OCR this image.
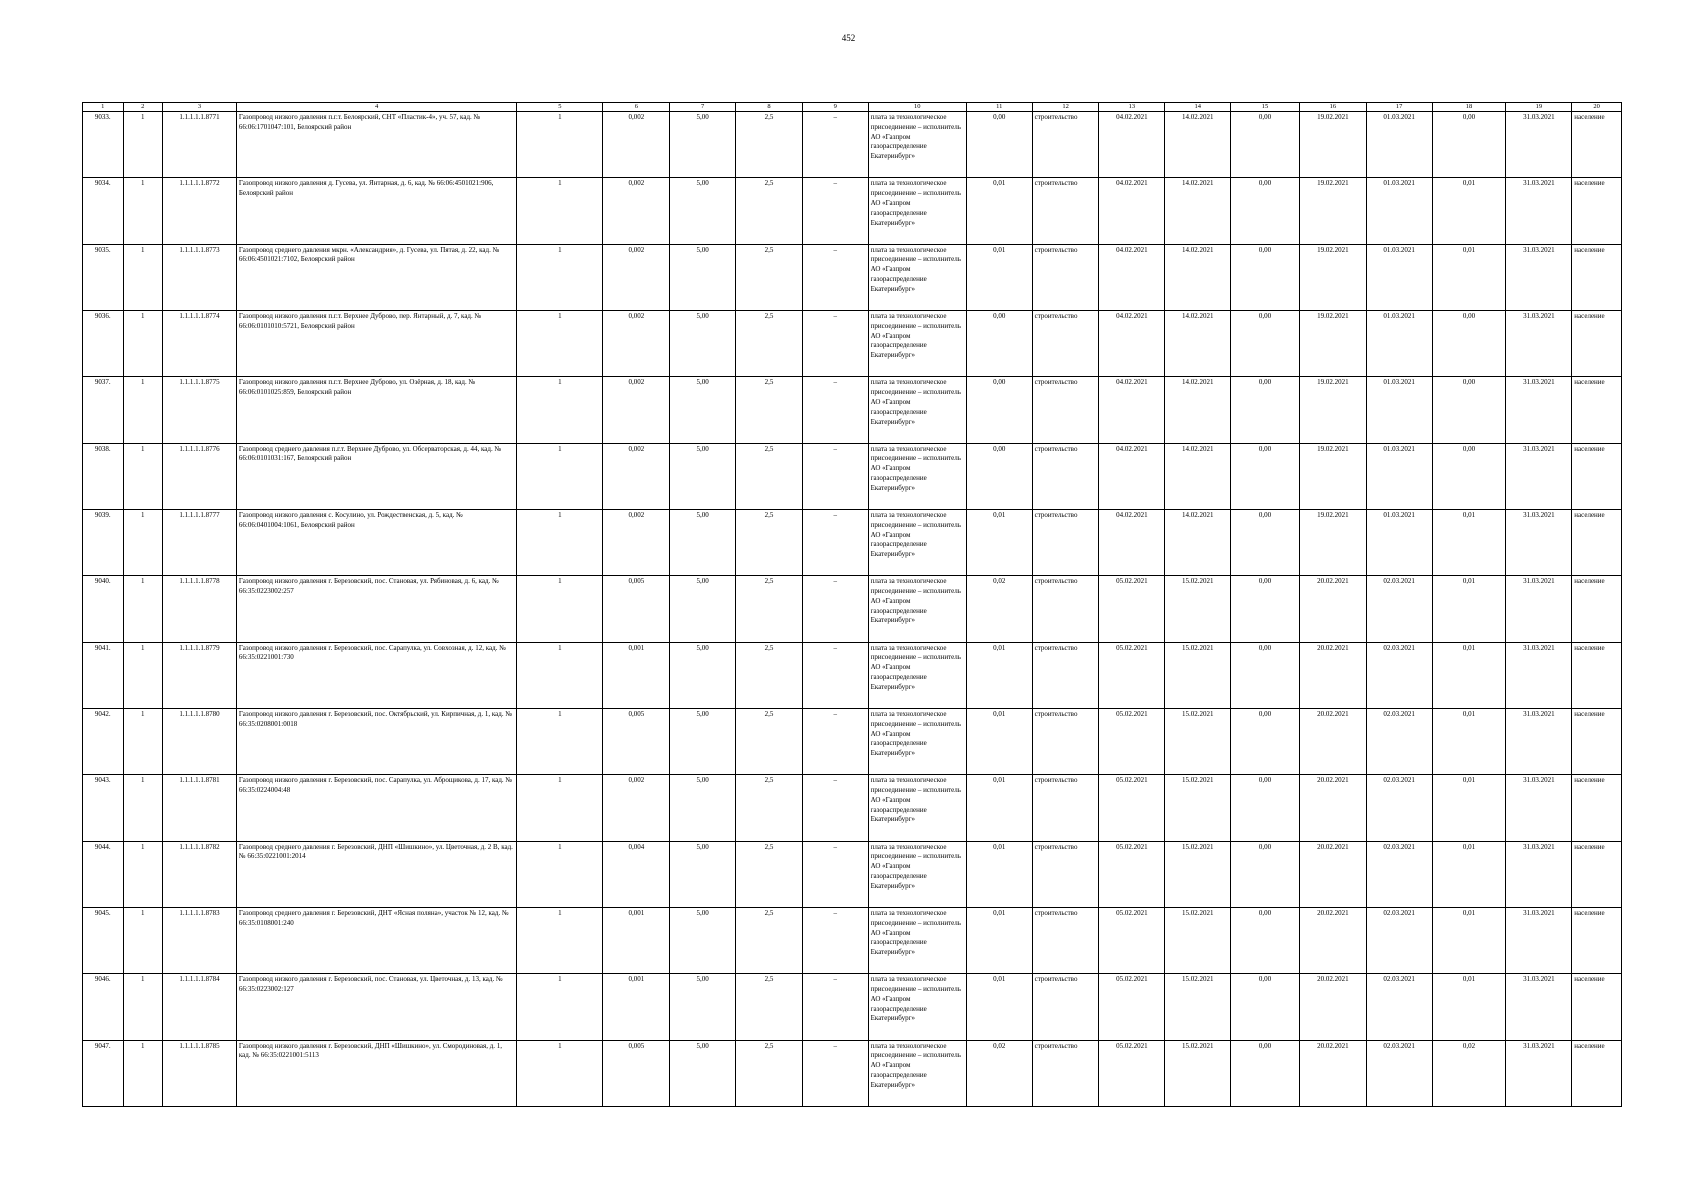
452
1	2	3	4	5	6	7	8	9	10	11	12	13	14	15	16	17	18	19	20
9033.	1	1.1.1.1.1.8771	Газопровод низкого давления п.г.т. Белоярский, СНТ «Пластик-4», уч. 57, кад. № 66:06:1701047:101, Белоярский район	1	0,002	5,00	2,5	–	плата за технологическое присоединение – исполнитель АО «Газпром газораспределение Екатеринбург»	0,00	строительство	04.02.2021	14.02.2021	0,00	19.02.2021	01.03.2021	0,00	31.03.2021	население
9034.	1	1.1.1.1.1.8772	Газопровод низкого давления д. Гусева, ул. Янтарная, д. 6, кад. № 66:06:4501021:906, Белоярский район	1	0,002	5,00	2,5	–	плата за технологическое присоединение – исполнитель АО «Газпром газораспределение Екатеринбург»	0,01	строительство	04.02.2021	14.02.2021	0,00	19.02.2021	01.03.2021	0,01	31.03.2021	население
9035.	1	1.1.1.1.1.8773	Газопровод среднего давления мкрн. «Александрия», д. Гусева, ул. Пятая, д. 22, кад. № 66:06:4501021:7102, Белоярский район	1	0,002	5,00	2,5	–	плата за технологическое присоединение – исполнитель АО «Газпром газораспределение Екатеринбург»	0,01	строительство	04.02.2021	14.02.2021	0,00	19.02.2021	01.03.2021	0,01	31.03.2021	население
9036.	1	1.1.1.1.1.8774	Газопровод низкого давления п.г.т. Верхнее Дуброво, пер. Янтарный, д. 7, кад. № 66:06:0101010:5721, Белоярский район	1	0,002	5,00	2,5	–	плата за технологическое присоединение – исполнитель АО «Газпром газораспределение Екатеринбург»	0,00	строительство	04.02.2021	14.02.2021	0,00	19.02.2021	01.03.2021	0,00	31.03.2021	население
9037.	1	1.1.1.1.1.8775	Газопровод низкого давления п.г.т. Верхнее Дуброво, ул. Озёрная, д. 18, кад. № 66:06:0101025:859, Белоярский район	1	0,002	5,00	2,5	–	плата за технологическое присоединение – исполнитель АО «Газпром газораспределение Екатеринбург»	0,00	строительство	04.02.2021	14.02.2021	0,00	19.02.2021	01.03.2021	0,00	31.03.2021	население
9038.	1	1.1.1.1.1.8776	Газопровод среднего давления п.г.т. Верхнее Дуброво, ул. Обсерваторская, д. 44, кад. № 66:06:0101031:167, Белоярский район	1	0,002	5,00	2,5	–	плата за технологическое присоединение – исполнитель АО «Газпром газораспределение Екатеринбург»	0,00	строительство	04.02.2021	14.02.2021	0,00	19.02.2021	01.03.2021	0,00	31.03.2021	население
9039.	1	1.1.1.1.1.8777	Газопровод низкого давления с. Косулино, ул. Рождественская, д. 5, кад. № 66:06:0401004:1061, Белоярский район	1	0,002	5,00	2,5	–	плата за технологическое присоединение – исполнитель АО «Газпром газораспределение Екатеринбург»	0,01	строительство	04.02.2021	14.02.2021	0,00	19.02.2021	01.03.2021	0,01	31.03.2021	население
9040.	1	1.1.1.1.1.8778	Газопровод низкого давления г. Березовский, пос. Становая, ул. Рябиновая, д. 6, кад. № 66:35:0223002:257	1	0,005	5,00	2,5	–	плата за технологическое присоединение – исполнитель АО «Газпром газораспределение Екатеринбург»	0,02	строительство	05.02.2021	15.02.2021	0,00	20.02.2021	02.03.2021	0,01	31.03.2021	население
9041.	1	1.1.1.1.1.8779	Газопровод низкого давления г. Березовский, пос. Сарапулка, ул. Совхозная, д. 12, кад. № 66:35:0221001:730	1	0,001	5,00	2,5	–	плата за технологическое присоединение – исполнитель АО «Газпром газораспределение Екатеринбург»	0,01	строительство	05.02.2021	15.02.2021	0,00	20.02.2021	02.03.2021	0,01	31.03.2021	население
9042.	1	1.1.1.1.1.8780	Газопровод низкого давления г. Березовский, пос. Октябрьский, ул. Кирпичная, д. 1, кад. № 66:35:0208001:0018	1	0,005	5,00	2,5	–	плата за технологическое присоединение – исполнитель АО «Газпром газораспределение Екатеринбург»	0,01	строительство	05.02.2021	15.02.2021	0,00	20.02.2021	02.03.2021	0,01	31.03.2021	население
9043.	1	1.1.1.1.1.8781	Газопровод низкого давления г. Березовский, пос. Сарапулка, ул. Аброщикова, д. 17, кад. № 66:35:0224004:48	1	0,002	5,00	2,5	–	плата за технологическое присоединение – исполнитель АО «Газпром газораспределение Екатеринбург»	0,01	строительство	05.02.2021	15.02.2021	0,00	20.02.2021	02.03.2021	0,01	31.03.2021	население
9044.	1	1.1.1.1.1.8782	Газопровод среднего давления г. Березовский, ДНП «Шишкино», ул. Цветочная, д. 2 В, кад. № 66:35:0221001:2014	1	0,004	5,00	2,5	–	плата за технологическое присоединение – исполнитель АО «Газпром газораспределение Екатеринбург»	0,01	строительство	05.02.2021	15.02.2021	0,00	20.02.2021	02.03.2021	0,01	31.03.2021	население
9045.	1	1.1.1.1.1.8783	Газопровод среднего давления г. Березовский, ДНТ «Ясная поляна», участок № 12, кад. № 66:35:0108001:240	1	0,001	5,00	2,5	–	плата за технологическое присоединение – исполнитель АО «Газпром газораспределение Екатеринбург»	0,01	строительство	05.02.2021	15.02.2021	0,00	20.02.2021	02.03.2021	0,01	31.03.2021	население
9046.	1	1.1.1.1.1.8784	Газопровод низкого давления г. Березовский, пос. Становая, ул. Цветочная, д. 13, кад. № 66:35:0223002:127	1	0,001	5,00	2,5	–	плата за технологическое присоединение – исполнитель АО «Газпром газораспределение Екатеринбург»	0,01	строительство	05.02.2021	15.02.2021	0,00	20.02.2021	02.03.2021	0,01	31.03.2021	население
9047.	1	1.1.1.1.1.8785	Газопровод низкого давления г. Березовский, ДНП «Шишкино», ул. Смородиновая, д. 1, кад. № 66:35:0221001:5113	1	0,005	5,00	2,5	–	плата за технологическое присоединение – исполнитель АО «Газпром газораспределение Екатеринбург»	0,02	строительство	05.02.2021	15.02.2021	0,00	20.02.2021	02.03.2021	0,02	31.03.2021	население
